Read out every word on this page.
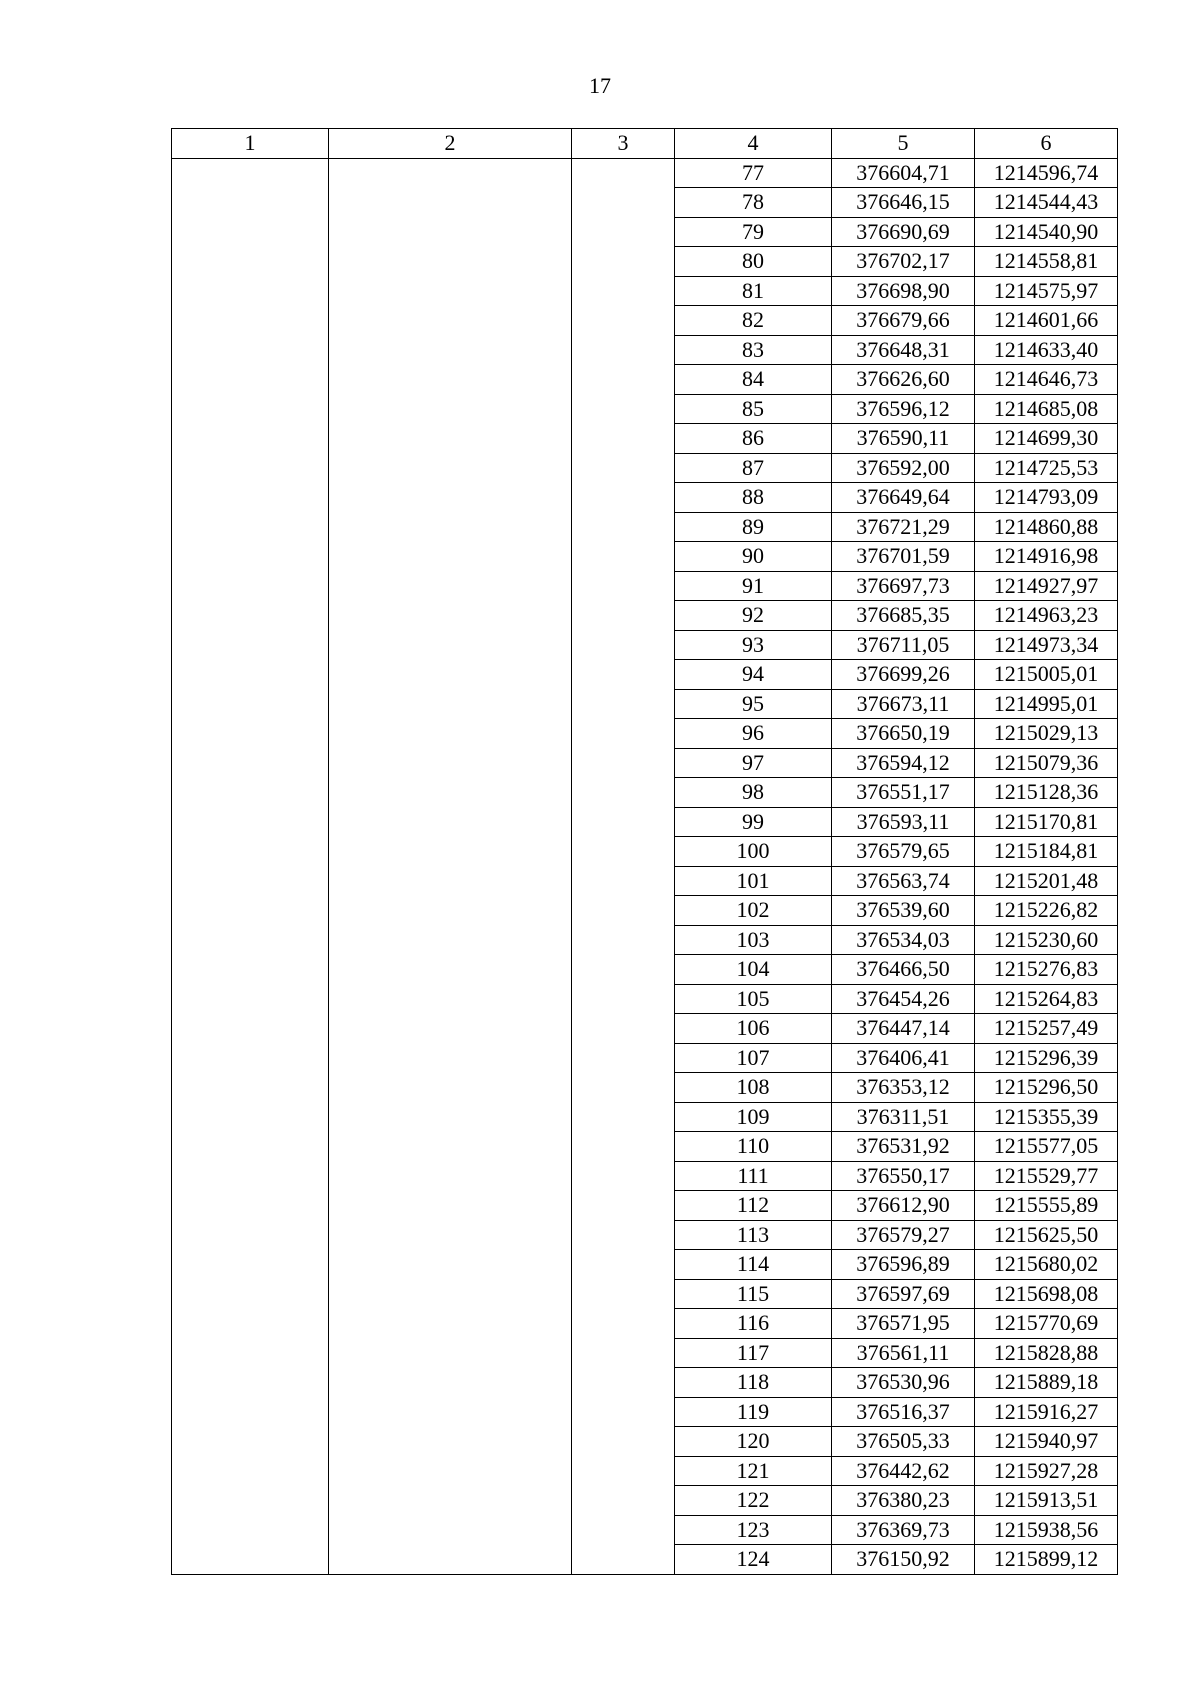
17
1	2	3	4	5	6
			77	376604,71	1214596,74
			78	376646,15	1214544,43
			79	376690,69	1214540,90
			80	376702,17	1214558,81
			81	376698,90	1214575,97
			82	376679,66	1214601,66
			83	376648,31	1214633,40
			84	376626,60	1214646,73
			85	376596,12	1214685,08
			86	376590,11	1214699,30
			87	376592,00	1214725,53
			88	376649,64	1214793,09
			89	376721,29	1214860,88
			90	376701,59	1214916,98
			91	376697,73	1214927,97
			92	376685,35	1214963,23
			93	376711,05	1214973,34
			94	376699,26	1215005,01
			95	376673,11	1214995,01
			96	376650,19	1215029,13
			97	376594,12	1215079,36
			98	376551,17	1215128,36
			99	376593,11	1215170,81
			100	376579,65	1215184,81
			101	376563,74	1215201,48
			102	376539,60	1215226,82
			103	376534,03	1215230,60
			104	376466,50	1215276,83
			105	376454,26	1215264,83
			106	376447,14	1215257,49
			107	376406,41	1215296,39
			108	376353,12	1215296,50
			109	376311,51	1215355,39
			110	376531,92	1215577,05
			111	376550,17	1215529,77
			112	376612,90	1215555,89
			113	376579,27	1215625,50
			114	376596,89	1215680,02
			115	376597,69	1215698,08
			116	376571,95	1215770,69
			117	376561,11	1215828,88
			118	376530,96	1215889,18
			119	376516,37	1215916,27
			120	376505,33	1215940,97
			121	376442,62	1215927,28
			122	376380,23	1215913,51
			123	376369,73	1215938,56
			124	376150,92	1215899,12
